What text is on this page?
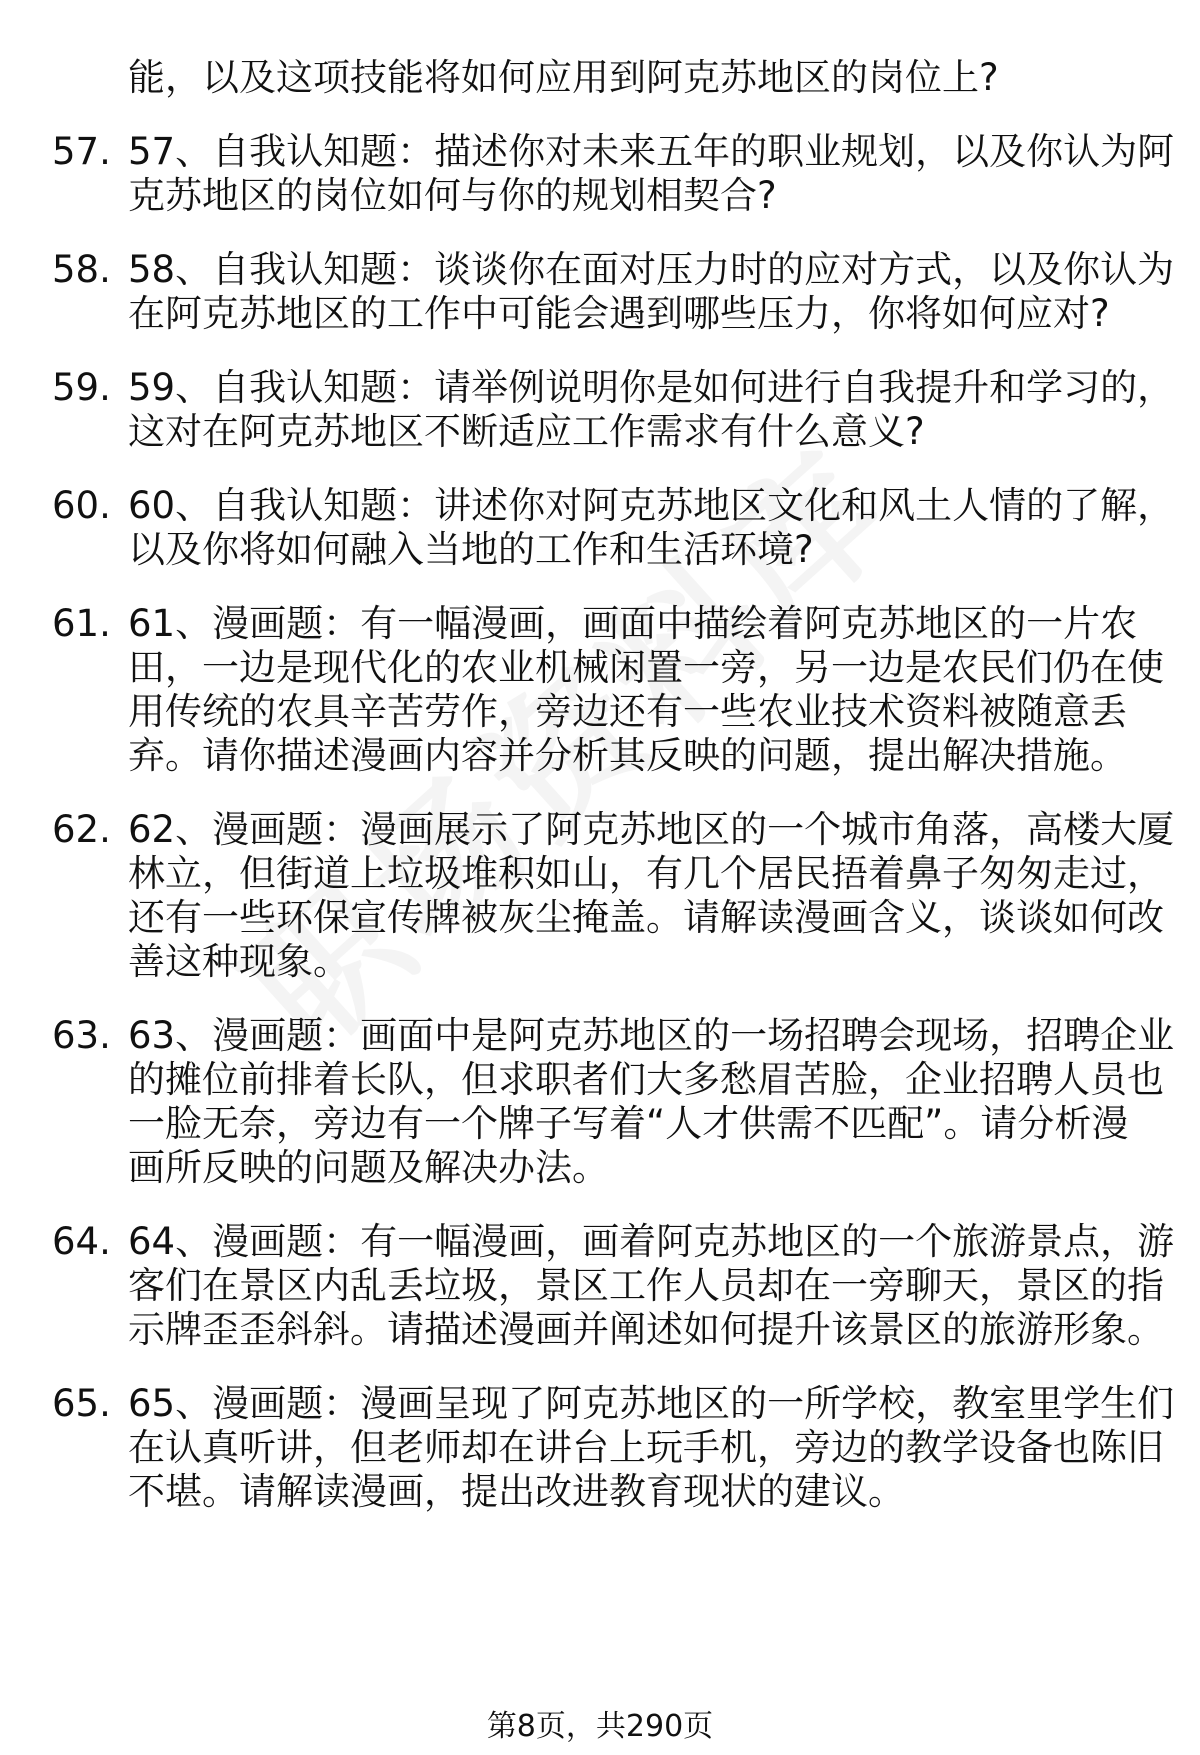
能，以及这项技能将如何应用到阿克苏地区的岗位上?
57. 57、自我认知题：描述你对未来五年的职业规划，以及你认为阿
克苏地区的岗位如何与你的规划相契合?
58. 58、自我认知题：谈谈你在面对压力时的应对方式，以及你认为
在阿克苏地区的工作中可能会遇到哪些压力，你将如何应对?
59. 59、自我认知题：请举例说明你是如何进行自我提升和学习的，
这对在阿克苏地区不断适应工作需求有什么意义?
60. 60、自我认知题：讲述你对阿克苏地区文化和风土人情的了解，
以及你将如何融入当地的工作和生活环境?
61. 61、漫画题：有一幅漫画，画面中描绘着阿克苏地区的一片农
田，一边是现代化的农业机械闲置一旁，另一边是农民们仍在使
用传统的农具辛苦劳作，旁边还有一些农业技术资料被随意丢
弃。请你描述漫画内容并分析其反映的问题，提出解决措施。
62. 62、漫画题：漫画展示了阿克苏地区的一个城市角落，高楼大厦
林立，但街道上垃圾堆积如山，有几个居民捂着鼻子匆匆走过，
还有一些环保宣传牌被灰尘掩盖。请解读漫画含义，谈谈如何改
善这种现象。
63. 63、漫画题：画面中是阿克苏地区的一场招聘会现场，招聘企业
的摊位前排着长队，但求职者们大多愁眉苦脸，企业招聘人员也
一脸无奈，旁边有一个牌子写着“人才供需不匹配”。请分析漫
画所反映的问题及解决办法。
64. 64、漫画题：有一幅漫画，画着阿克苏地区的一个旅游景点，游
客们在景区内乱丢垃圾，景区工作人员却在一旁聊天，景区的指
示牌歪歪斜斜。请描述漫画并阐述如何提升该景区的旅游形象。
65. 65、漫画题：漫画呈现了阿克苏地区的一所学校，教室里学生们
在认真听讲，但老师却在讲台上玩手机，旁边的教学设备也陈旧
不堪。请解读漫画，提出改进教育现状的建议。
第8页，共290页
